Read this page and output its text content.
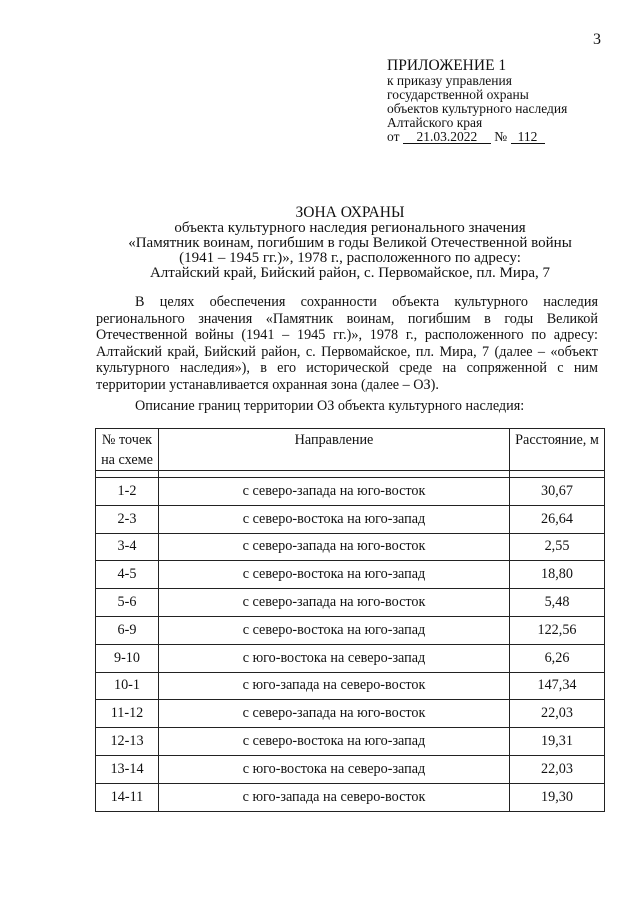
3
ПРИЛОЖЕНИЕ 1
к приказу управления
государственной охраны
объектов культурного наследия
Алтайского края
от 21.03.2022 № 112
ЗОНА ОХРАНЫ
объекта культурного наследия регионального значения
«Памятник воинам, погибшим в годы Великой Отечественной войны
(1941 – 1945 гг.)», 1978 г., расположенного по адресу:
Алтайский край, Бийский район, с. Первомайское, пл. Мира, 7
В целях обеспечения сохранности объекта культурного наследия регионального значения «Памятник воинам, погибшим в годы Великой Отечественной войны (1941 – 1945 гг.)», 1978 г., расположенного по адресу: Алтайский край, Бийский район, с. Первомайское, пл. Мира, 7 (далее – «объект культурного наследия»), в его исторической среде на сопряженной с ним территории устанавливается охранная зона (далее – ОЗ).
Описание границ территории ОЗ объекта культурного наследия:
№ точек на схеме	Направление	Расстояние, м

1-2	с северо-запада на юго-восток	30,67
2-3	с северо-востока на юго-запад	26,64
3-4	с северо-запада на юго-восток	2,55
4-5	с северо-востока на юго-запад	18,80
5-6	с северо-запада на юго-восток	5,48
6-9	с северо-востока на юго-запад	122,56
9-10	с юго-востока на северо-запад	6,26
10-1	с юго-запада на северо-восток	147,34
11-12	с северо-запада на юго-восток	22,03
12-13	с северо-востока на юго-запад	19,31
13-14	с юго-востока на северо-запад	22,03
14-11	с юго-запада на северо-восток	19,30
